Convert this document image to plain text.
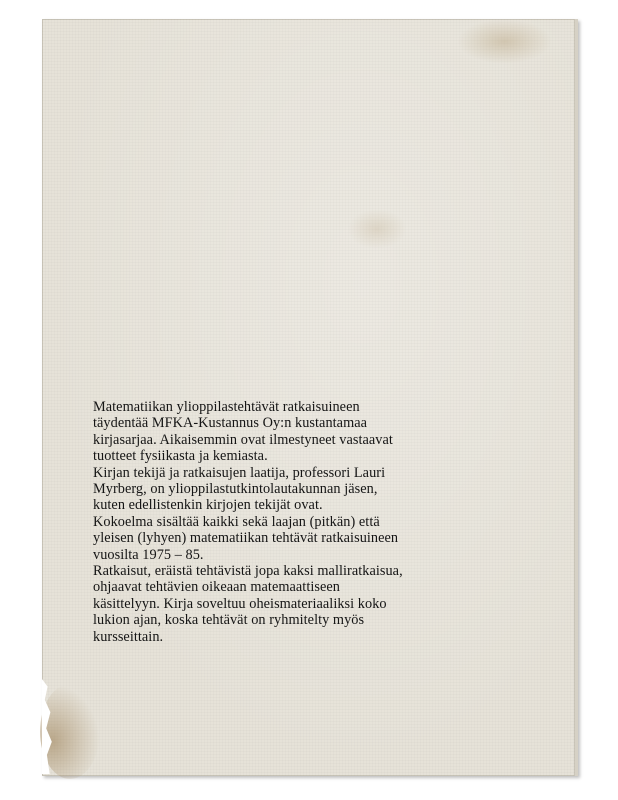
Matematiikan ylioppilastehtävät ratkaisuineen
täydentää MFKA-Kustannus Oy:n kustantamaa
kirjasarjaa. Aikaisemmin ovat ilmestyneet vastaavat
tuotteet fysiikasta ja kemiasta.
Kirjan tekijä ja ratkaisujen laatija, professori Lauri
Myrberg, on ylioppilastutkintolautakunnan jäsen,
kuten edellistenkin kirjojen tekijät ovat.
Kokoelma sisältää kaikki sekä laajan (pitkän) että
yleisen (lyhyen) matematiikan tehtävät ratkaisuineen
vuosilta 1975 – 85.
Ratkaisut, eräistä tehtävistä jopa kaksi malliratkaisua,
ohjaavat tehtävien oikeaan matemaattiseen
käsittelyyn. Kirja soveltuu oheismateriaaliksi koko
lukion ajan, koska tehtävät on ryhmitelty myös
kursseittain.
